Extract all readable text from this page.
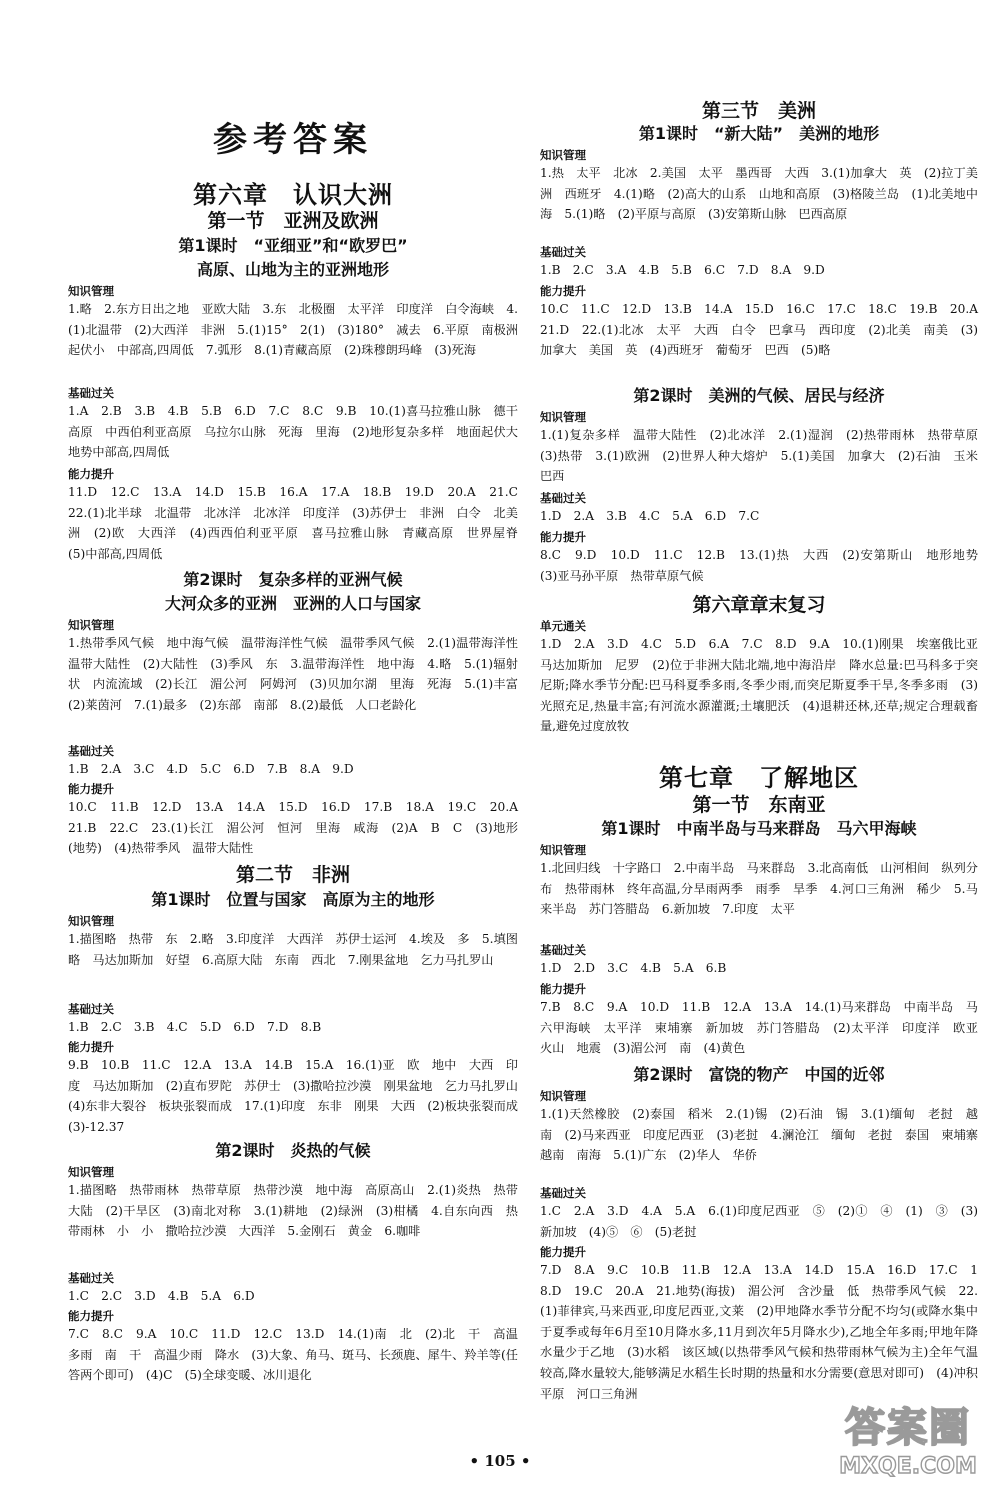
参考答案
第六章　认识大洲
第一节　亚洲及欧洲
第1课时　“亚细亚”和“欧罗巴”
高原、山地为主的亚洲地形
知识管理
1.略　2.东方日出之地　亚欧大陆　3.东　北极圈　太平洋　印度洋　白令海峡　4.(1)北温带　(2)大西洋　非洲　5.(1)15°　2(1)　(3)180°　减去　6.平原　南极洲　起伏小　中部高,四周低　7.弧形　8.(1)青藏高原　(2)珠穆朗玛峰　(3)死海
基础过关
1.A　2.B　3.B　4.B　5.B　6.D　7.C　8.C　9.B　10.(1)喜马拉雅山脉　德干高原　中西伯利亚高原　乌拉尔山脉　死海　里海　(2)地形复杂多样　地面起伏大　地势中部高,四周低
能力提升
11.D　12.C　13.A　14.D　15.B　16.A　17.A　18.B　19.D　20.A　21.C　22.(1)北半球　北温带　北冰洋　北冰洋　印度洋　(3)苏伊士　非洲　白令　北美洲　(2)欧　大西洋　(4)西西伯利亚平原　喜马拉雅山脉　青藏高原　世界屋脊　(5)中部高,四周低
第2课时　复杂多样的亚洲气候
大河众多的亚洲　亚洲的人口与国家
知识管理
1.热带季风气候　地中海气候　温带海洋性气候　温带季风气候　2.(1)温带海洋性　温带大陆性　(2)大陆性　(3)季风　东　3.温带海洋性　地中海　4.略　5.(1)辐射状　内流流域　(2)长江　湄公河　阿姆河　(3)贝加尔湖　里海　死海　5.(1)丰富　(2)莱茵河　7.(1)最多　(2)东部　南部　8.(2)最低　人口老龄化
基础过关
1.B　2.A　3.C　4.D　5.C　6.D　7.B　8.A　9.D
能力提升
10.C　11.B　12.D　13.A　14.A　15.D　16.D　17.B　18.A　19.C　20.A　21.B　22.C　23.(1)长江　湄公河　恒河　里海　咸海　(2)A　B　C　(3)地形(地势)　(4)热带季风　温带大陆性
第二节　非洲
第1课时　位置与国家　高原为主的地形
知识管理
1.描图略　热带　东　2.略　3.印度洋　大西洋　苏伊士运河　4.埃及　多　5.填图略　马达加斯加　好望　6.高原大陆　东南　西北　7.刚果盆地　乞力马扎罗山
基础过关
1.B　2.C　3.B　4.C　5.D　6.D　7.D　8.B
能力提升
9.B　10.B　11.C　12.A　13.A　14.B　15.A　16.(1)亚　欧　地中　大西　印度　马达加斯加　(2)直布罗陀　苏伊士　(3)撒哈拉沙漠　刚果盆地　乞力马扎罗山　(4)东非大裂谷　板块张裂而成　17.(1)印度　东非　刚果　大西　(2)板块张裂而成　(3)-12.37
第2课时　炎热的气候
知识管理
1.描图略　热带雨林　热带草原　热带沙漠　地中海　高原高山　2.(1)炎热　热带大陆　(2)干旱区　(3)南北对称　3.(1)耕地　(2)绿洲　(3)柑橘　4.自东向西　热带雨林　小　小　撒哈拉沙漠　大西洋　5.金刚石　黄金　6.咖啡
基础过关
1.C　2.C　3.D　4.B　5.A　6.D
能力提升
7.C　8.C　9.A　10.C　11.D　12.C　13.D　14.(1)南　北　(2)北　干　高温多雨　南　干　高温少雨　降水　(3)大象、角马、斑马、长颈鹿、犀牛、羚羊等(任答两个即可)　(4)C　(5)全球变暖、冰川退化
第三节　美洲
第1课时　“新大陆”　美洲的地形
知识管理
1.热　太平　北冰　2.美国　太平　墨西哥　大西　3.(1)加拿大　英　(2)拉丁美洲　西班牙　4.(1)略　(2)高大的山系　山地和高原　(3)格陵兰岛　(1)北美地中海　5.(1)略　(2)平原与高原　(3)安第斯山脉　巴西高原
基础过关
1.B　2.C　3.A　4.B　5.B　6.C　7.D　8.A　9.D
能力提升
10.C　11.C　12.D　13.B　14.A　15.D　16.C　17.C　18.C　19.B　20.A　21.D　22.(1)北冰　太平　大西　白令　巴拿马　西印度　(2)北美　南美　(3)加拿大　美国　英　(4)西班牙　葡萄牙　巴西　(5)略
第2课时　美洲的气候、居民与经济
知识管理
1.(1)复杂多样　温带大陆性　(2)北冰洋　2.(1)湿润　(2)热带雨林　热带草原　(3)热带　3.(1)欧洲　(2)世界人种大熔炉　5.(1)美国　加拿大　(2)石油　玉米　巴西
基础过关
1.D　2.A　3.B　4.C　5.A　6.D　7.C
能力提升
8.C　9.D　10.D　11.C　12.B　13.(1)热　大西　(2)安第斯山　地形地势　(3)亚马孙平原　热带草原气候
第六章章末复习
单元通关
1.D　2.A　3.D　4.C　5.D　6.A　7.C　8.D　9.A　10.(1)刚果　埃塞俄比亚　马达加斯加　尼罗　(2)位于非洲大陆北端,地中海沿岸　降水总量:巴马科多于突尼斯;降水季节分配:巴马科夏季多雨,冬季少雨,而突尼斯夏季干旱,冬季多雨　(3)光照充足,热量丰富;有河流水源灌溉;土壤肥沃　(4)退耕还林,还草;规定合理载畜量,避免过度放牧
第七章　了解地区
第一节　东南亚
第1课时　中南半岛与马来群岛　马六甲海峡
知识管理
1.北回归线　十字路口　2.中南半岛　马来群岛　3.北高南低　山河相间　纵列分布　热带雨林　终年高温,分旱雨两季　雨季　旱季　4.河口三角洲　稀少　5.马来半岛　苏门答腊岛　6.新加坡　7.印度　太平
基础过关
1.D　2.D　3.C　4.B　5.A　6.B
能力提升
7.B　8.C　9.A　10.D　11.B　12.A　13.A　14.(1)马来群岛　中南半岛　马六甲海峡　太平洋　柬埔寨　新加坡　苏门答腊岛　(2)太平洋　印度洋　欧亚　火山　地震　(3)湄公河　南　(4)黄色
第2课时　富饶的物产　中国的近邻
知识管理
1.(1)天然橡胶　(2)泰国　稻米　2.(1)锡　(2)石油　锡　3.(1)缅甸　老挝　越南　(2)马来西亚　印度尼西亚　(3)老挝　4.澜沧江　缅甸　老挝　泰国　柬埔寨　越南　南海　5.(1)广东　(2)华人　华侨
基础过关
1.C　2.A　3.D　4.A　5.A　6.(1)印度尼西亚　⑤　(2)①　④　(1)　③　(3)新加坡　(4)⑤　⑥　(5)老挝
能力提升
7.D　8.A　9.C　10.B　11.B　12.A　13.A　14.D　15.A　16.D　17.C　18.D　19.C　20.A　21.地势(海拔)　湄公河　含沙量　低　热带季风气候　22.(1)菲律宾,马来西亚,印度尼西亚,文莱　(2)甲地降水季节分配不均匀(或降水集中于夏季或每年6月至10月降水多,11月到次年5月降水少),乙地全年多雨;甲地年降水量少于乙地　(3)水稻　该区域(以热带季风气候和热带雨林气候为主)全年气温较高,降水量较大,能够满足水稻生长时期的热量和水分需要(意思对即可)　(4)冲积平原　河口三角洲
• 105 •
答案圈
MXQE.COM
